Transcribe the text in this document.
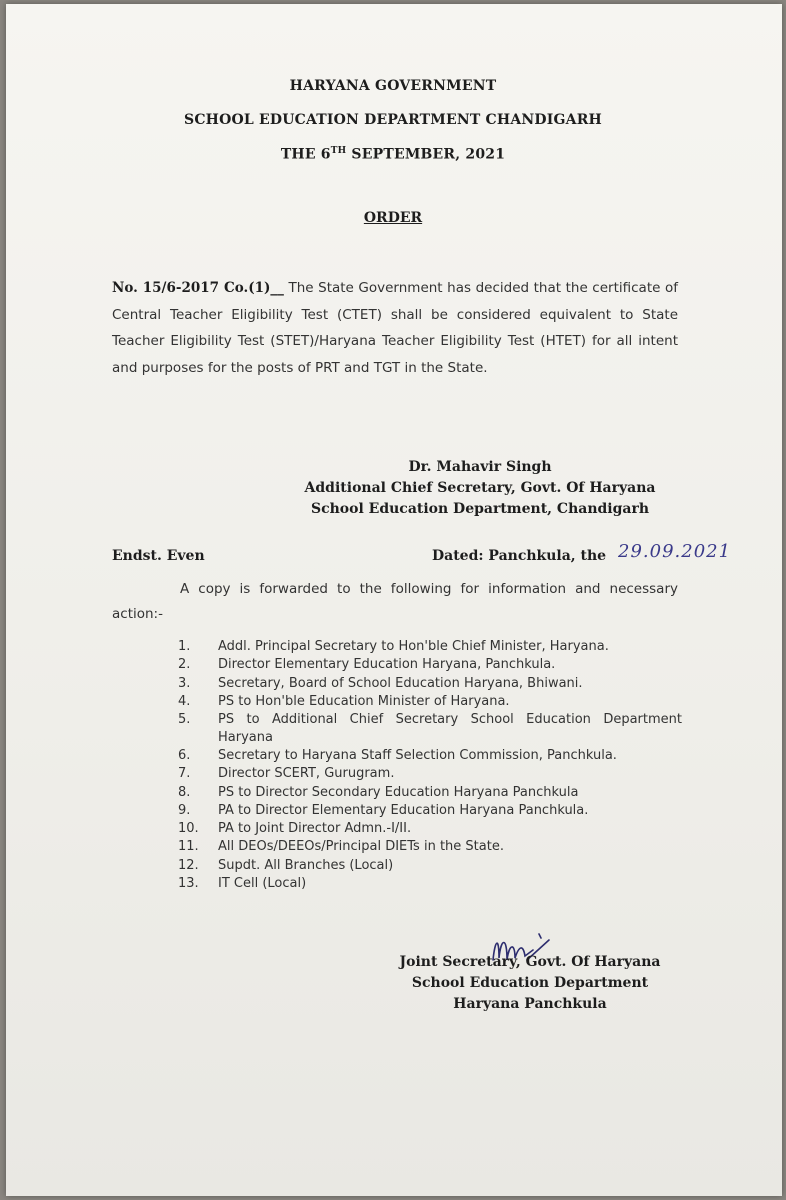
HARYANA GOVERNMENT
SCHOOL EDUCATION DEPARTMENT CHANDIGARH
THE 6TH SEPTEMBER, 2021
ORDER
No. 15/6-2017 Co.(1)__ The State Government has decided that the certificate of Central Teacher Eligibility Test (CTET) shall be considered equivalent to State Teacher Eligibility Test (STET)/Haryana Teacher Eligibility Test (HTET) for all intent and purposes for the posts of PRT and TGT in the State.
Dr. Mahavir Singh
Additional Chief Secretary, Govt. Of Haryana
School Education Department, Chandigarh
Endst. Even	Dated: Panchkula, the 29.09.2021
A copy is forwarded to the following for information and necessary action:-
1.	Addl. Principal Secretary to Hon'ble Chief Minister, Haryana.
2.	Director Elementary Education Haryana, Panchkula.
3.	Secretary, Board of School Education Haryana, Bhiwani.
4.	PS to Hon'ble Education Minister of Haryana.
5.	PS to Additional Chief Secretary School Education Department Haryana
6.	Secretary to Haryana Staff Selection Commission, Panchkula.
7.	Director SCERT, Gurugram.
8.	PS to Director Secondary Education Haryana Panchkula
9.	PA to Director Elementary Education Haryana Panchkula.
10.	PA to Joint Director Admn.-I/II.
11.	All DEOs/DEEOs/Principal DIETs in the State.
12.	Supdt. All Branches (Local)
13.	IT Cell (Local)
Joint Secretary, Govt. Of Haryana
School Education Department
Haryana Panchkula
